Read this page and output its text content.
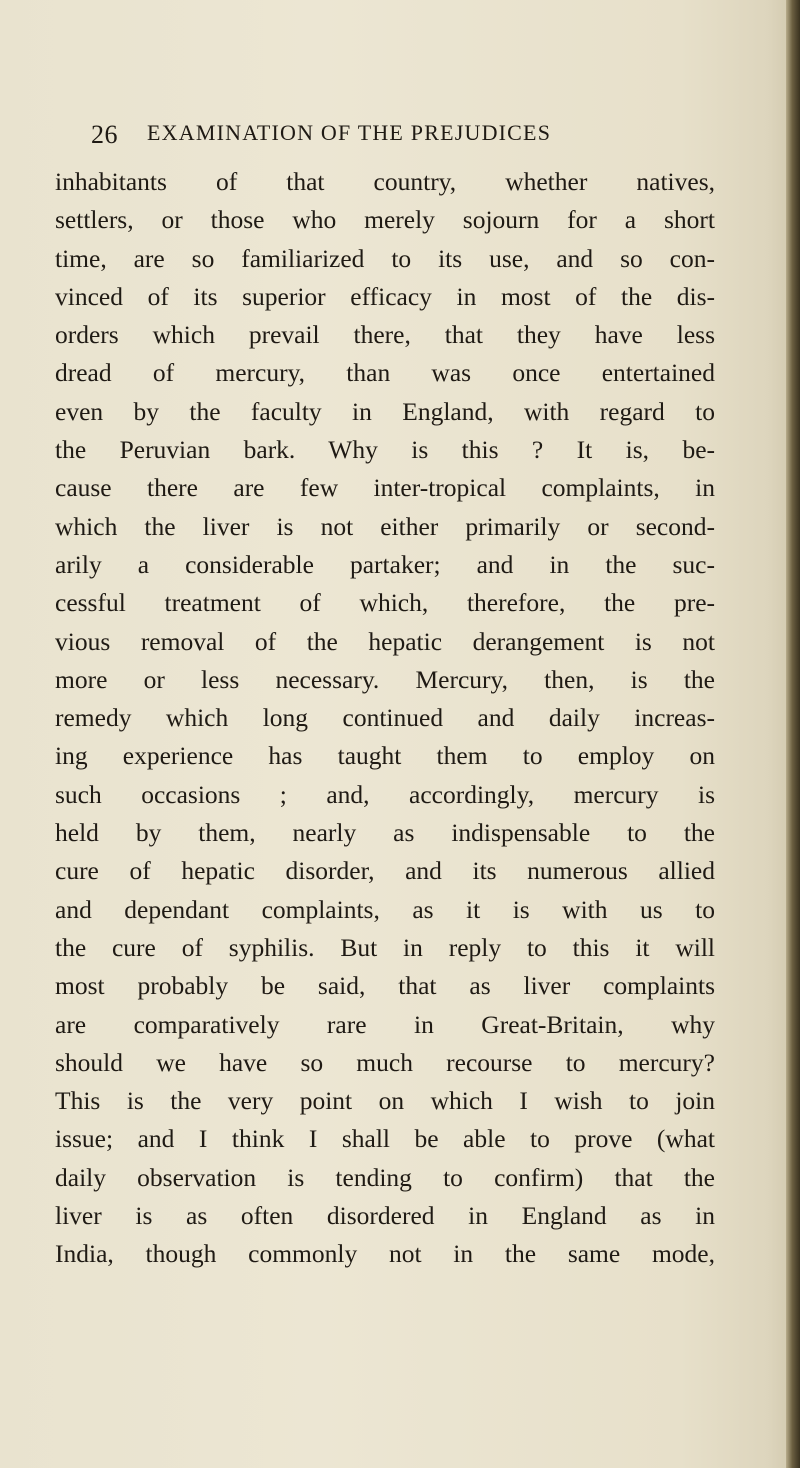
26 EXAMINATION OF THE PREJUDICES
inhabitants of that country, whether natives,
settlers, or those who merely sojourn for a short
time, are so familiarized to its use, and so con-
vinced of its superior efficacy in most of the dis-
orders which prevail there, that they have less
dread of mercury, than was once entertained
even by the faculty in England, with regard to
the Peruvian bark. Why is this ? It is, be-
cause there are few inter-tropical complaints, in
which the liver is not either primarily or second-
arily a considerable partaker; and in the suc-
cessful treatment of which, therefore, the pre-
vious removal of the hepatic derangement is not
more or less necessary. Mercury, then, is the
remedy which long continued and daily increas-
ing experience has taught them to employ on
such occasions ; and, accordingly, mercury is
held by them, nearly as indispensable to the
cure of hepatic disorder, and its numerous allied
and dependant complaints, as it is with us to
the cure of syphilis. But in reply to this it will
most probably be said, that as liver complaints
are comparatively rare in Great-Britain, why
should we have so much recourse to mercury?
This is the very point on which I wish to join
issue; and I think I shall be able to prove (what
daily observation is tending to confirm) that the
liver is as often disordered in England as in
India, though commonly not in the same mode,
